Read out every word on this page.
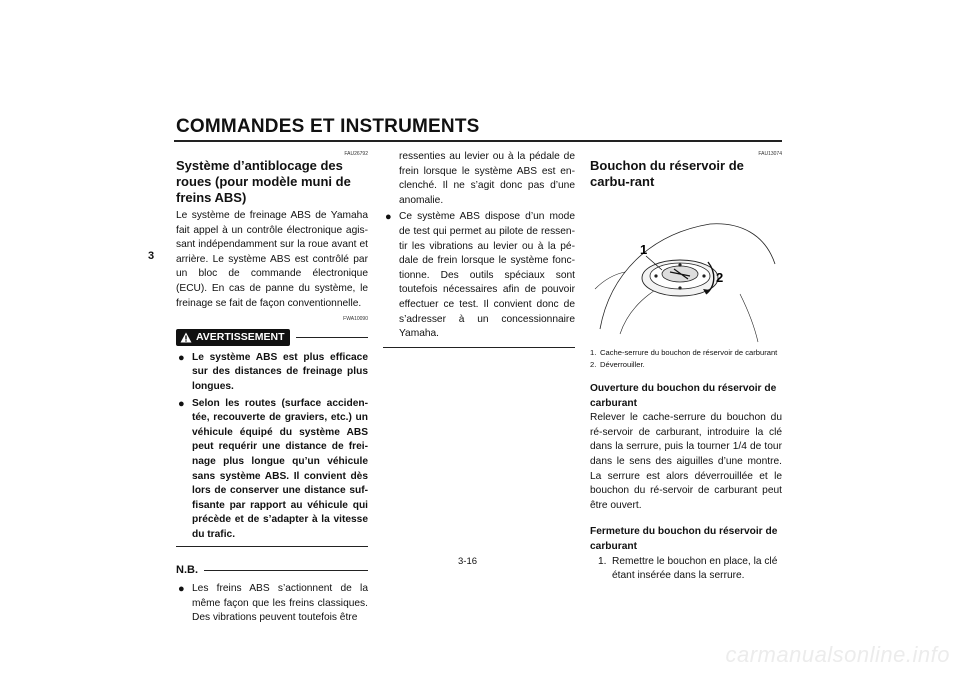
COMMANDES ET INSTRUMENTS
3
FAU26792
Système d’antiblocage des roues (pour modèle muni de freins ABS)

Le système de freinage ABS de Yamaha fait appel à un contrôle électronique agis-sant indépendamment sur la roue avant et arrière. Le système ABS est contrôlé par un bloc de commande électronique (ECU). En cas de panne du système, le freinage se fait de façon conventionnelle.

FWA10090
AVERTISSEMENT
● Le système ABS est plus efficace sur des distances de freinage plus longues.
● Selon les routes (surface acciden-tée, recouverte de graviers, etc.) un véhicule équipé du système ABS peut requérir une distance de frei-nage plus longue qu’un véhicule sans système ABS. Il convient dès lors de conserver une distance suf-fisante par rapport au véhicule qui précède et de s’adapter à la vitesse du trafic.
N.B.
● Les freins ABS s’actionnent de la même façon que les freins classiques. Des vibrations peuvent toutefois être
ressenties au levier ou à la pédale de frein lorsque le système ABS est en-clenché. Il ne s’agit donc pas d’une anomalie.
● Ce système ABS dispose d’un mode de test qui permet au pilote de ressen-tir les vibrations au levier ou à la pé-dale de frein lorsque le système fonc-tionne. Des outils spéciaux sont toutefois nécessaires afin de pouvoir effectuer ce test. Il convient donc de s’adresser à un concessionnaire Yamaha.
FAU13074
Bouchon du réservoir de carbu-rant
1
2
1. Cache-serrure du bouchon de réservoir de carburant
2. Déverrouiller.
Ouverture du bouchon du réservoir de carburant

Relever le cache-serrure du bouchon du ré-servoir de carburant, introduire la clé dans la serrure, puis la tourner 1/4 de tour dans le sens des aiguilles d’une montre. La serrure est alors déverrouillée et le bouchon du ré-servoir de carburant peut être ouvert.

Fermeture du bouchon du réservoir de carburant
1. Remettre le bouchon en place, la clé étant insérée dans la serrure.
3-16
carmanualsonline.info
